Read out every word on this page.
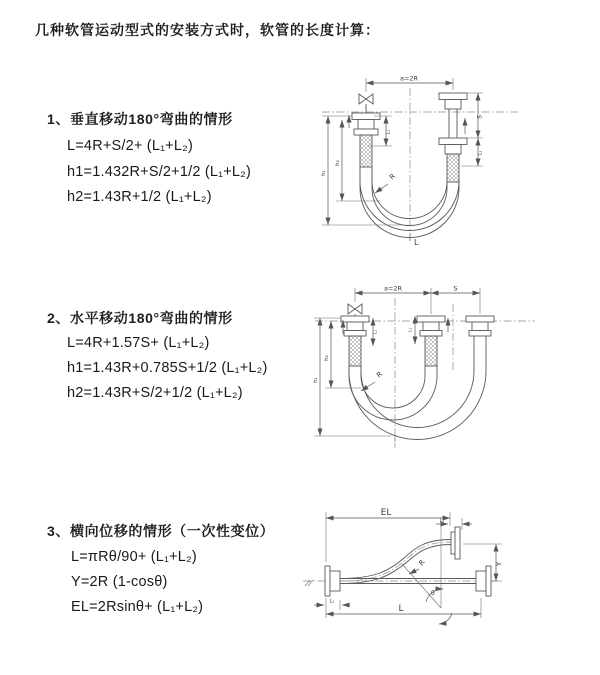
几种软管运动型式的安装方式时，软管的长度计算：

1、垂直移动180°弯曲的情形

L=4R+S/2+ (L₁+L₂)

h1=1.432R+S/2+1/2 (L₁+L₂)

h2=1.43R+1/2 (L₁+L₂)

2、水平移动180°弯曲的情形

L=4R+1.57S+ (L₁+L₂)

h1=1.43R+0.785S+1/2 (L₁+L₂)

h2=1.43R+S/2+1/2 (L₁+L₂)

3、横向位移的情形（一次性变位）

L=πRθ/90+ (L₁+L₂)

Y=2R (1-cosθ)

EL=2Rsinθ+ (L₁+L₂)

a=2R
L₁
S
L₁
R
L
h₁
h₂
a=2R	S
L₁	L₁
R
h₁
h₂
EL
L₁
R
θ
Y
L
L₁
